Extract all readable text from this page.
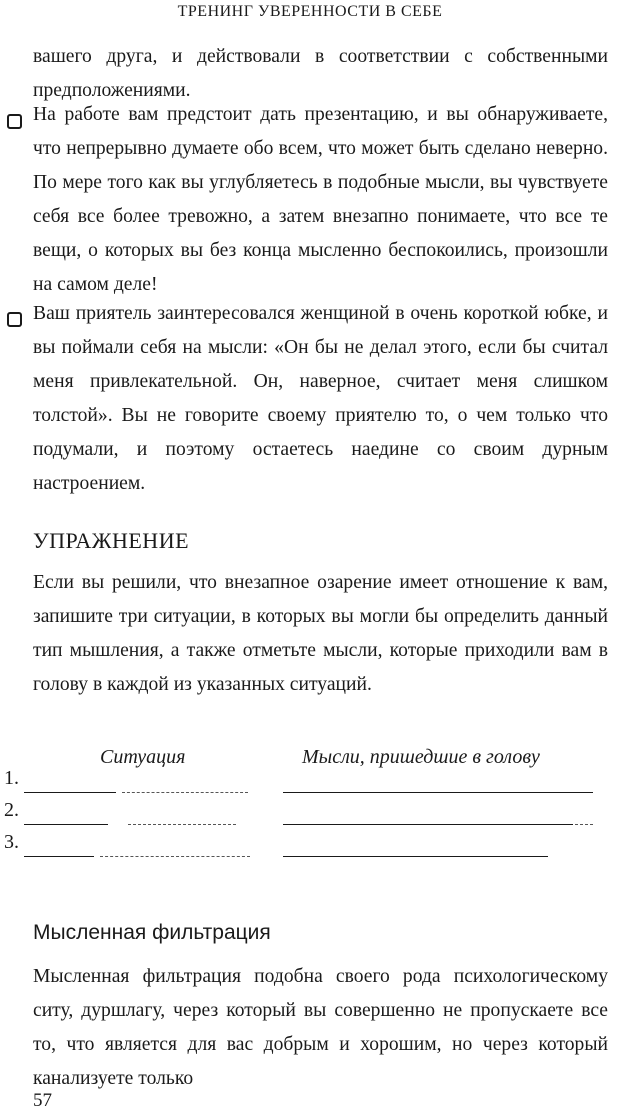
ТРЕНИНГ УВЕРЕННОСТИ В СЕБЕ

вашего друга, и действовали в соответствии с собственными предположениями.

На работе вам предстоит дать презентацию, и вы обнаруживаете, что непрерывно думаете обо всем, что может быть сделано неверно. По мере того как вы углубляетесь в подобные мысли, вы чувствуете себя все более тревожно, а затем внезапно понимаете, что все те вещи, о которых вы без конца мысленно беспокоились, произошли на самом деле!

Ваш приятель заинтересовался женщиной в очень короткой юбке, и вы поймали себя на мысли: «Он бы не делал этого, если бы считал меня привлекательной. Он, наверное, считает меня слишком толстой». Вы не говорите своему приятелю то, о чем только что подумали, и поэтому остаетесь наедине со своим дурным настроением.

УПРАЖНЕНИЕ

Если вы решили, что внезапное озарение имеет отношение к вам, запишите три ситуации, в которых вы могли бы определить данный тип мышления, а также отметьте мысли, которые приходили вам в голову в каждой из указанных ситуаций.

Ситуация	Мысли, пришедшие в голову
1.
2.
3.
Мысленная фильтрация

Мысленная фильтрация подобна своего рода психологическому ситу, дуршлагу, через который вы совершенно не пропускаете все то, что является для вас добрым и хорошим, но через который канализуете только

57
